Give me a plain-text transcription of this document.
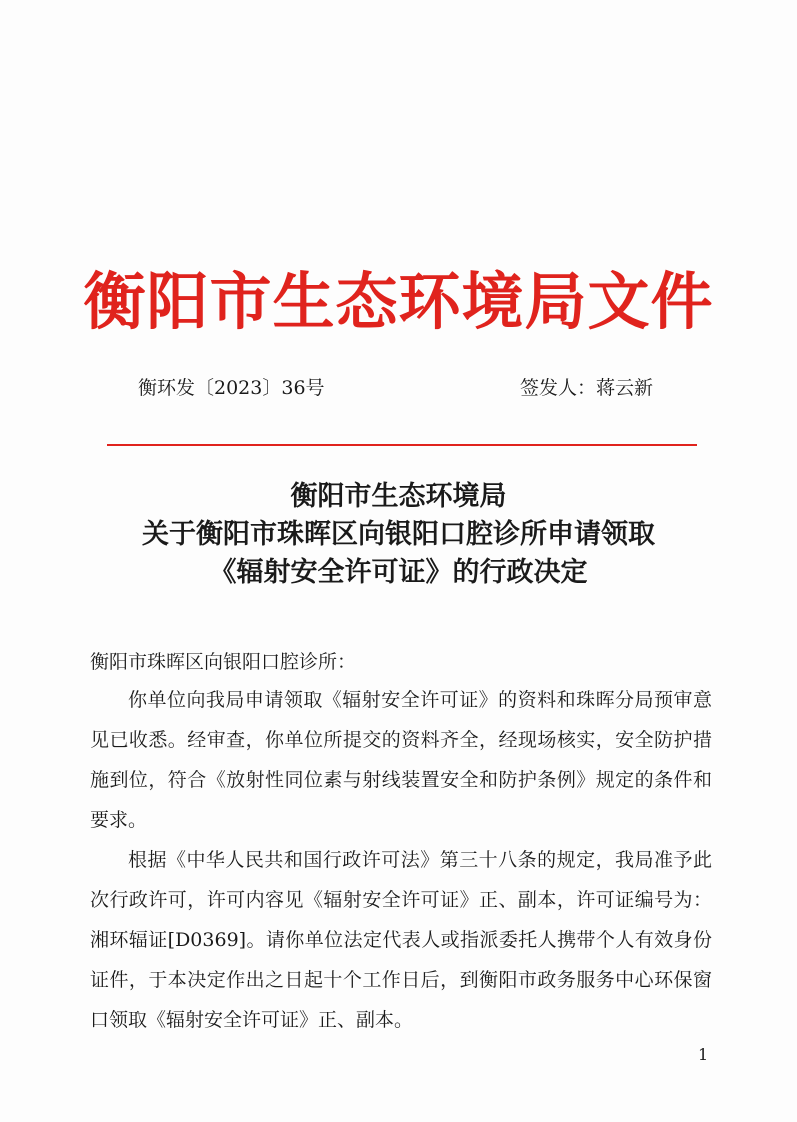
衡阳市生态环境局文件
衡环发〔2023〕36号	签发人：蒋云新
衡阳市生态环境局
关于衡阳市珠晖区向银阳口腔诊所申请领取
《辐射安全许可证》的行政决定
衡阳市珠晖区向银阳口腔诊所：

你单位向我局申请领取《辐射安全许可证》的资料和珠晖分局预审意见已收悉。经审查，你单位所提交的资料齐全，经现场核实，安全防护措施到位，符合《放射性同位素与射线装置安全和防护条例》规定的条件和要求。

根据《中华人民共和国行政许可法》第三十八条的规定，我局准予此次行政许可，许可内容见《辐射安全许可证》正、副本，许可证编号为：湘环辐证[D0369]。请你单位法定代表人或指派委托人携带个人有效身份证件，于本决定作出之日起十个工作日后，到衡阳市政务服务中心环保窗口领取《辐射安全许可证》正、副本。

1
